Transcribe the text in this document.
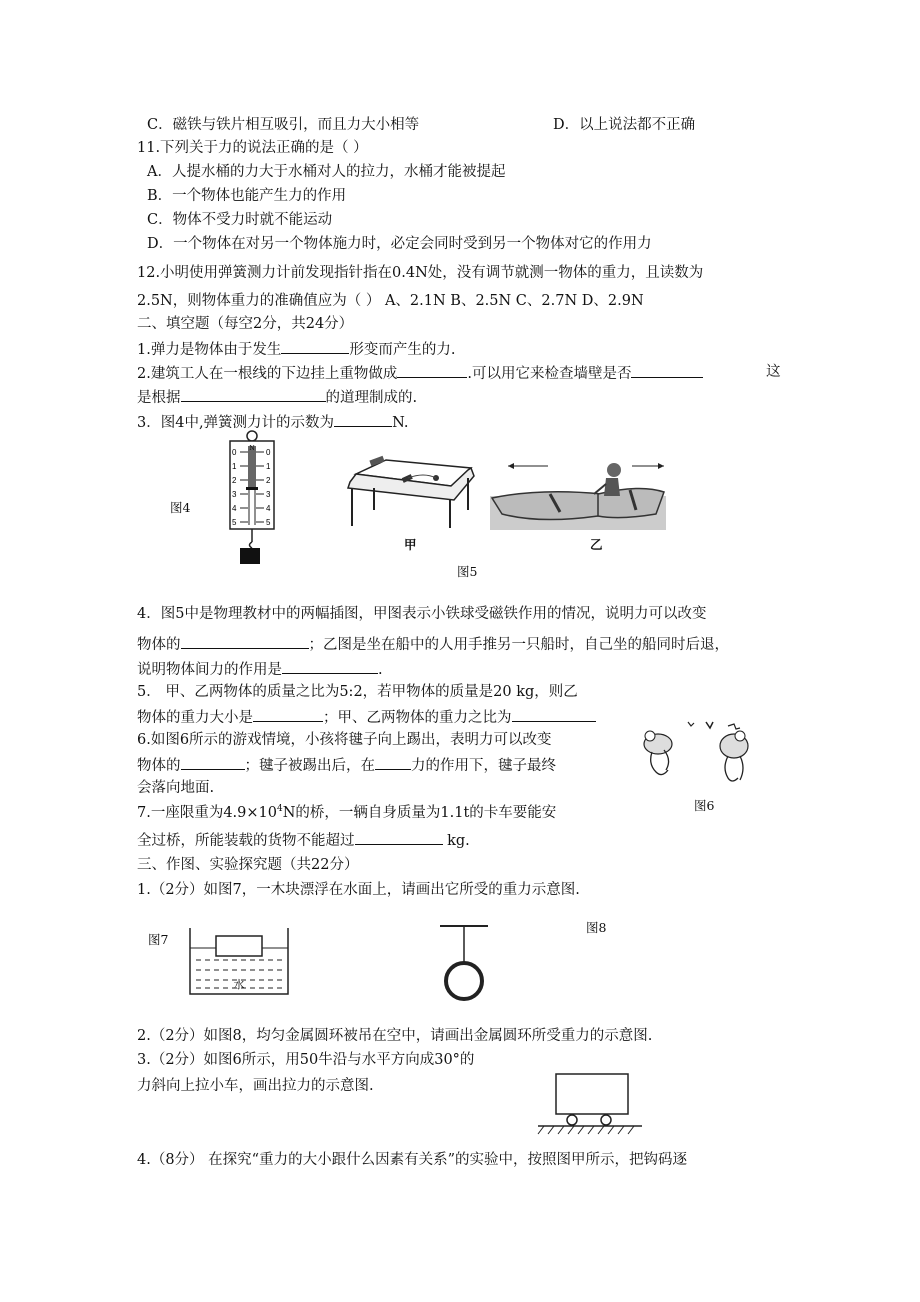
C．磁铁与铁片相互吸引，而且力大小相等	D．以上说法都不正确
11.下列关于力的说法正确的是（ ）
A．人提水桶的力大于水桶对人的拉力，水桶才能被提起
B．一个物体也能产生力的作用
C．物体不受力时就不能运动
D．一个物体在对另一个物体施力时，必定会同时受到另一个物体对它的作用力
12.小明使用弹簧测力计前发现指针指在0.4N处，没有调节就测一物体的重力，且读数为
2.5N，则物体重力的准确值应为（ ） A、2.1N B、2.5N C、2.7N D、2.9N
二、填空题（每空2分，共24分）
1.弹力是物体由于发生	形变而产生的力.
2.建筑工人在一根线的下边挂上重物做成	.可以用它来检查墙壁是否	这
是根据	的道理制成的.
3．图4中,弹簧测力计的示数为	N.
图4
N
0
1
2
3
4
5
0
1
2
3
4
5
甲	乙
图5
4．图5中是物理教材中的两幅插图，甲图表示小铁球受磁铁作用的情况，说明力可以改变
物体的	；乙图是坐在船中的人用手推另一只船时，自己坐的船同时后退，
说明物体间力的作用是	.
5． 甲、乙两物体的质量之比为5:2，若甲物体的质量是20 kg，则乙
物体的重力大小是	；甲、乙两物体的重力之比为
6.如图6所示的游戏情境，小孩将毽子向上踢出，表明力可以改变
物体的	；毽子被踢出后，在 力的作用下，毽子最终
会落向地面.
7.一座限重为$4.9\times 10^4N$的桥，一辆自身质量为1.1t的卡车要能安
全过桥，所能装载的货物不能超过	kg.
图6
三、作图、实验探究题（共22分）
1.（2分）如图7，一木块漂浮在水面上，请画出它所受的重力示意图.
图7
水
图8
2.（2分）如图8，均匀金属圆环被吊在空中，请画出金属圆环所受重力的示意图.
3.（2分）如图6所示，用50牛沿与水平方向成30°的
力斜向上拉小车，画出拉力的示意图.
4.（8分） 在探究“重力的大小跟什么因素有关系”的实验中，按照图甲所示，把钩码逐
